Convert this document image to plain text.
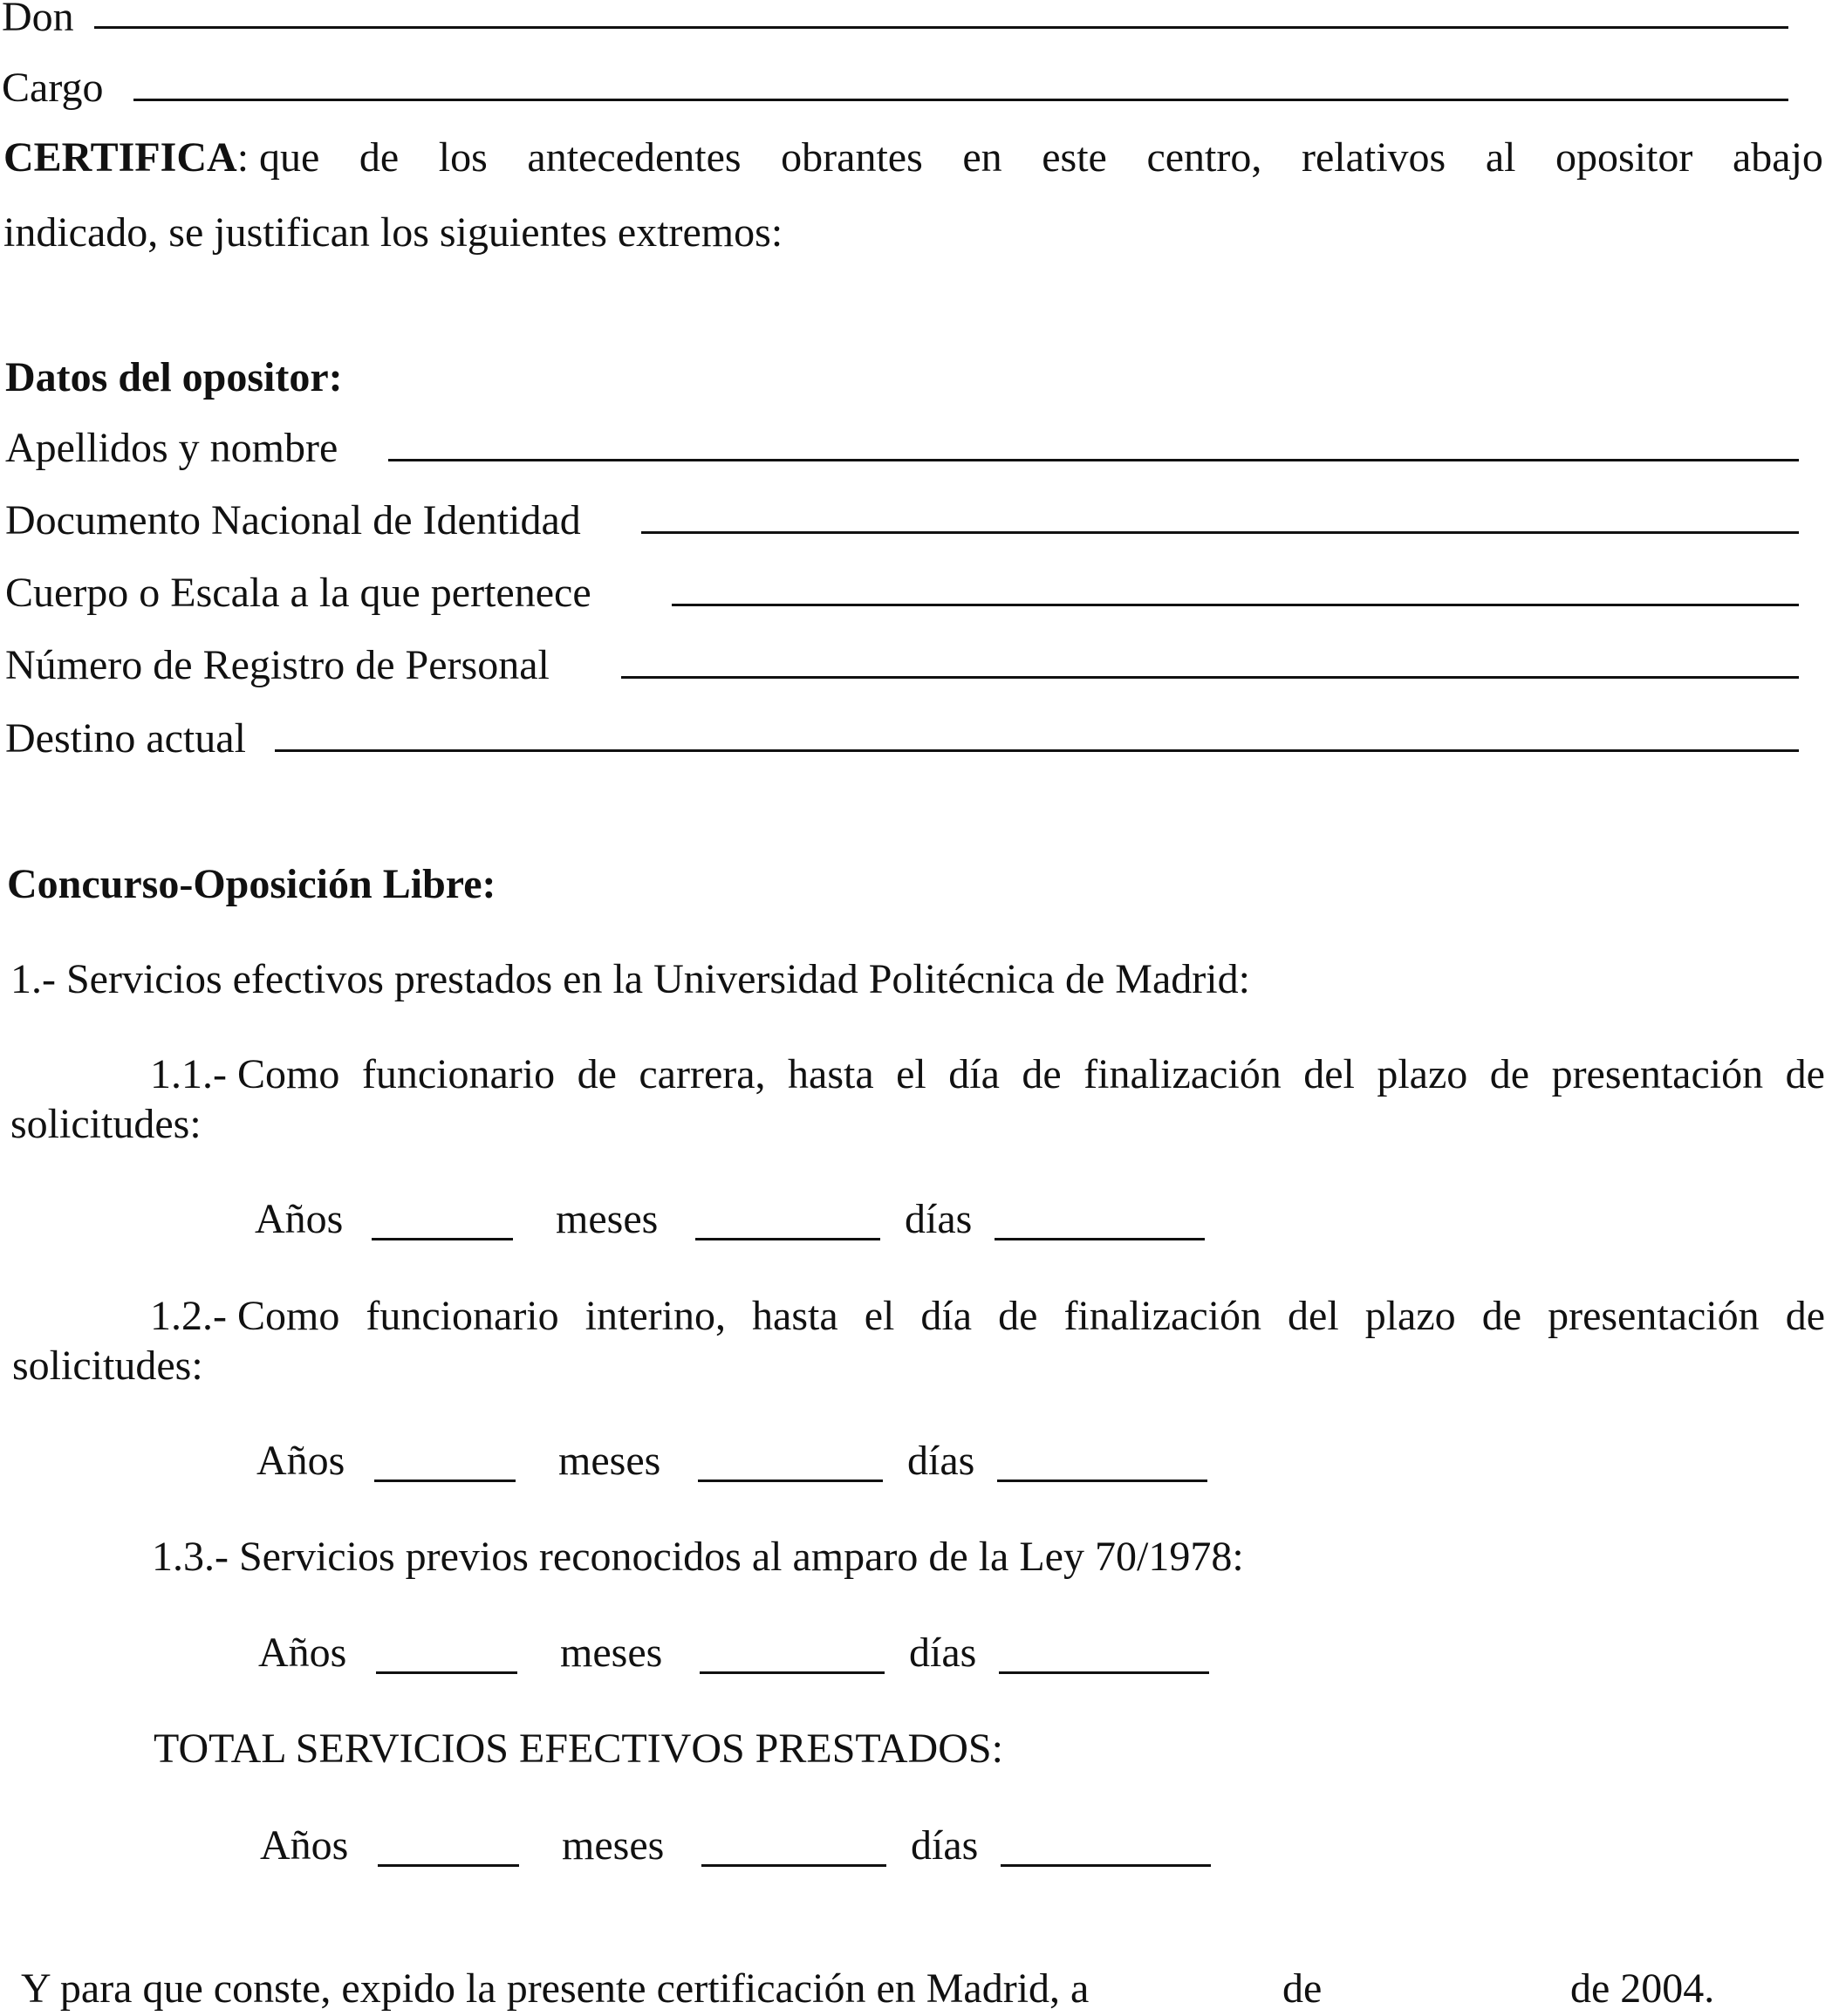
Don
Cargo
CERTIFICA: que de los antecedentes obrantes en este centro, relativos al opositor abajo
indicado, se justifican los siguientes extremos:
Datos del opositor:
Apellidos y nombre
Documento Nacional de Identidad
Cuerpo o Escala a la que pertenece
Número de Registro de Personal
Destino actual
Concurso-Oposición Libre:
1.- Servicios efectivos prestados en la Universidad Politécnica de Madrid:
1.1.- Como funcionario de carrera, hasta el día de finalización del plazo de presentación de
solicitudes:
Años	meses	días
1.2.- Como funcionario interino, hasta el día de finalización del plazo de presentación de
solicitudes:
Años	meses	días
1.3.- Servicios previos reconocidos al amparo de la Ley 70/1978:
Años	meses	días
TOTAL SERVICIOS EFECTIVOS PRESTADOS:
Años	meses	días
Y para que conste, expido la presente certificación en Madrid, a	de	de 2004.
